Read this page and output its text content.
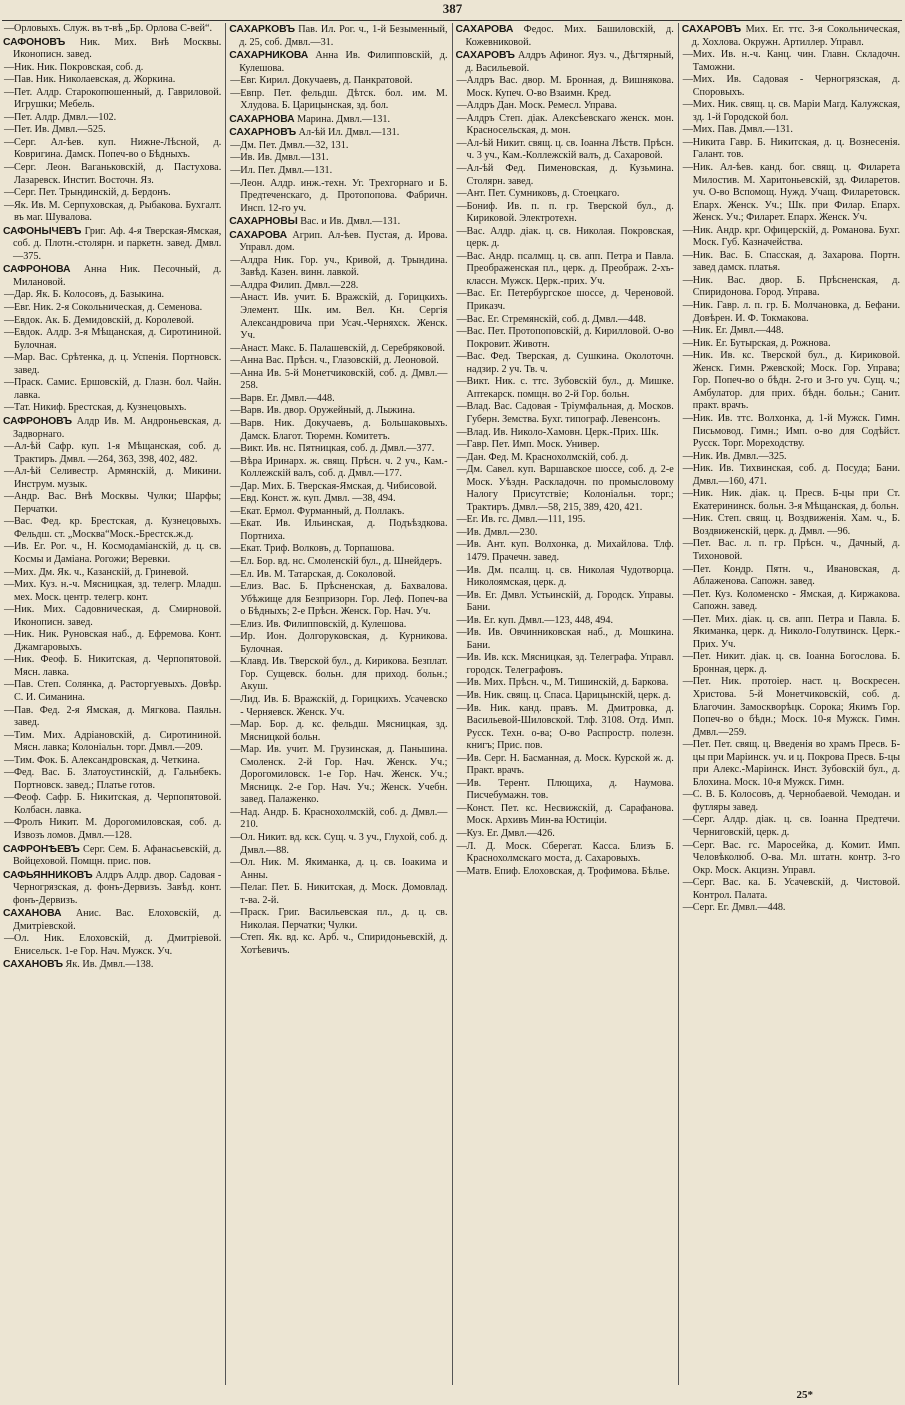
387

—Орловыхъ. Служ. въ т-вѣ „Бр. Орлова С-вей“.

САФОНОВЪ Ник. Мих. Внѣ Москвы. Иконописн. завед.

—Ник. Ник. Покровская, соб. д.

—Пав. Ник. Николаевская, д. Жоркина.

—Пет. Алдр. Старокопюшенный, д. Гавриловой. Игрушки; Мебель.

—Пет. Алдр. Дмвл.—102.

—Пет. Ив. Дмвл.—525.

—Серг. Ал-ѣев. куп. Нижне-Лѣсной, д. Ковригина. Дамск. Попеч-во о Бѣдныхъ.

—Серг. Леон. Ваганьковскій, д. Пастухова. Лазаревск. Инстит. Восточн. Яз.

—Серг. Пет. Трындинскій, д. Бердонъ.

—Як. Ив. М. Серпуховская, д. Рыбакова. Бухгалт. въ маг. Шувалова.

САФОНЫЧЕВЪ Григ. Аф. 4-я Тверская-Ямская, соб. д. Плотн.-столярн. и паркетн. завед. Дмвл.—375.

САФРОНОВА Анна Ник. Песочный, д. Милановой.

—Дар. Як. Б. Колосовъ, д. Базыкина.

—Евг. Ник. 2-я Сокольническая, д. Семенова.

—Евдок. Ак. Б. Демидовскій, д. Королевой.

—Евдок. Алдр. 3-я Мѣщанская, д. Сиротининой. Булочная.

—Мар. Вас. Срѣтенка, д. ц. Успенія. Портновск. завед.

—Праск. Самис. Ершовскій, д. Глазн. бол. Чайн. лавка.

—Тат. Никиф. Брестская, д. Кузнецовыхъ.

САФРОНОВЪ Алдр Ив. М. Андроньевская, д. Задворнаго.

—Ал-ѣй Сафр. куп. 1-я Мѣщанская, соб. д. Трактиръ. Дмвл. —264, 363, 398, 402, 482.

—Ал-ѣй Селивестр. Армянскій, д. Микини. Инструм. музык.

—Андр. Вас. Внѣ Москвы. Чулки; Шарфы; Перчатки.

—Вас. Фед. кр. Брестская, д. Кузнецовыхъ. Фельдш. ст. „Москва“Моск.-Брестск.ж.д.

—Ив. Ег. Рог. ч., Н. Космодаміанскій, д. ц. св. Космы и Даміана. Рогожи; Веревки.

—Мих. Дм. Як. ч., Казанскій, д. Гриневой.

—Мих. Куз. н.-ч. Мясницкая, зд. телегр. Младш. мех. Моск. центр. телегр. конт.

—Ник. Мих. Садовническая, д. Смирновой. Иконописн. завед.

—Ник. Ник. Руновская наб., д. Ефремова. Конт. Джамгаровыхъ.

—Ник. Феоф. Б. Никитская, д. Черпопятовой. Мясн. лавка.

—Пав. Степ. Солянка, д. Расторгуевыхъ. Довѣр. С. И. Симанина.

—Пав. Фед. 2-я Ямская, д. Мягкова. Паяльн. завед.

—Тим. Мих. Адріановскій, д. Сиротининой. Мясн. лавка; Колоніальн. торг. Дмвл.—209.

—Тим. Фок. Б. Александровская, д. Четкина.

—Фед. Вас. Б. Златоустинскій, д. Гальнбекъ. Портновск. завед.; Платье готов.

—Феоф. Сафр. Б. Никитская, д. Черпопятовой. Колбасн. лавка.

—Фролъ Никит. М. Дорогомиловская, соб. д. Извозъ ломов. Дмвл.—128.

САФРОНѢЕВЪ Серг. Сем. Б. Афанасьевскій, д. Войцеховой. Помщн. прис. пов.

САФЬЯННИКОВЪ Алдръ Алдр. двор. Садовая - Черногрязская, д. фонъ-Дервизъ. Завѣд. конт. фонъ-Дервизъ.

САХАНОВА Анис. Вас. Елоховскій, д. Дмитріевской.

—Ол. Ник. Елоховскій, д. Дмитріевой. Енисельск. 1-е Гор. Нач. Мужск. Уч.

САХАНОВЪ Як. Ив. Дмвл.—138.

САХАРКОВЪ Пав. Ил. Рог. ч., 1-й Безыменный, д. 25, соб. Дмвл.—31.

САХАРНИКОВА Анна Ив. Филипповскій, д. Кулешова.

—Евг. Кирил. Докучаевъ, д. Панкратовой.

—Евпр. Пет. фельдш. Дѣтск. бол. им. М. Хлудова. Б. Царицынская, зд. бол.

САХАРНОВА Марина. Дмвл.—131.

САХАРНОВЪ Ал-ѣй Ил. Дмвл.—131.

—Дм. Пет. Дмвл.—32, 131.

—Ив. Ив. Дмвл.—131.

—Ил. Пет. Дмвл.—131.

—Леон. Алдр. инж.-техн. Уг. Трехгорнаго и Б. Предтеченскаго, д. Протопопова. Фабричн. Инсп. 12-го уч.

САХАРНОВЫ Вас. и Ив. Дмвл.—131.

САХАРОВА Агрип. Ал-ѣев. Пустая, д. Ирова. Управл. дом.

—Алдра Ник. Гор. уч., Кривой, д. Трындина. Завѣд. Казен. винн. лавкой.

—Алдра Филип. Дмвл.—228.

—Анаст. Ив. учит. Б. Вражскій, д. Горицкихъ. Элемент. Шк. им. Вел. Кн. Сергія Александровича при Усач.-Черняхск. Женск. Уч.

—Анаст. Макс. Б. Палашевскій, д. Серебряковой.

—Анна Вас. Прѣсн. ч., Глазовскій, д. Леоновой.

—Анна Ив. 5-й Монетчиковскій, соб. д. Дмвл.—258.

—Варв. Ег. Дмвл.—448.

—Варв. Ив. двор. Оружейный, д. Лыжина.

—Варв. Ник. Докучаевъ, д. Большаковыхъ. Дамск. Благот. Тюремн. Комитетъ.

—Викт. Ив. нс. Пятницкая, соб. д. Дмвл.—377.

—Вѣра Иринарх. ж. свящ. Прѣсн. ч. 2 уч., Кам.-Коллежскій валъ, соб. д. Дмвл.—177.

—Дар. Мих. Б. Тверская-Ямская, д. Чибисовой.

—Евд. Конст. ж. куп. Дмвл. —38, 494.

—Екат. Ермол. Фурманный, д. Поллакъ.

—Екат. Ив. Ильинская, д. Подъѣздкова. Портниха.

—Екат. Триф. Волковъ, д. Торпашова.

—Ел. Бор. вд. нс. Смоленскій бул., д. Шнейдеръ.

—Ел. Ив. М. Татарская, д. Соколовой.

—Елиз. Вас. Б. Прѣсненская, д. Бахвалова. Убѣжище для Безпризорн. Гор. Леф. Попеч-ва о Бѣдныхъ; 2-е Прѣсн. Женск. Гор. Нач. Уч.

—Елиз. Ив. Филипповскій, д. Кулешова.

—Ир. Ион. Долгоруковская, д. Курникова. Булочная.

—Клавд. Ив. Тверской бул., д. Кирикова. Безплат. Гор. Сущевск. больн. для приход. больн.; Акуш.

—Лид. Ив. Б. Вражскій, д. Горицкихъ. Усачевско - Черняевск. Женск. Уч.

—Мар. Бор. д. кс. фельдш. Мясницкая, зд. Мясницкой больн.

—Мар. Ив. учит. М. Грузинская, д. Паньшина. Смоленск. 2-й Гор. Нач. Женск. Уч.; Дорогомиловск. 1-е Гор. Нач. Женск. Уч.; Мясницк. 2-е Гор. Нач. Уч.; Женск. Учебн. завед. Палаженко.

—Над. Андр. Б. Краснохолмскій, соб. д. Дмвл.—210.

—Ол. Никит. вд. кск. Сущ. ч. 3 уч., Глухой, соб. д. Дмвл.—88.

—Ол. Ник. М. Якиманка, д. ц. св. Іоакима и Анны.

—Пелаг. Пет. Б. Никитская, д. Моск. Домовлад. т-ва. 2-й.

—Праск. Григ. Васильевская пл., д. ц. св. Николая. Перчатки; Чулки.

—Степ. Як. вд. кс. Арб. ч., Спиридоньевскій, д. Хотѣевичъ.

САХАРОВА Федос. Мих. Башиловскій, д. Кожевниковой.

САХАРОВЪ Алдръ Афиног. Яуз. ч., Дѣгтярный, д. Васильевой.

—Алдръ Вас. двор. М. Бронная, д. Вишнякова. Моск. Купеч. О-во Взаимн. Кред.

—Алдръ Дан. Моск. Ремесл. Управа.

—Алдръ Степ. діак. Алексѣевскаго женск. мон. Красносельская, д. мон.

—Ал-ѣй Никит. свящ. ц. св. Іоанна Лѣств. Прѣсн. ч. 3 уч., Кам.-Коллежскій валъ, д. Сахаровой.

—Ал-ѣй Фед. Пименовская, д. Кузьмина. Столярн. завед.

—Ант. Пет. Сумниковъ, д. Стоецкаго.

—Бониф. Ив. п. п. гр. Тверской бул., д. Кириковой. Электротехн.

—Вас. Алдр. діак. ц. св. Николая. Покровская, церк. д.

—Вас. Андр. псалмщ. ц. св. апп. Петра и Павла. Преображенская пл., церк. д. Преображ. 2-хъ-классн. Мужск. Церк.-прих. Уч.

—Вас. Ег. Петербургское шоссе, д. Череновой. Приказч.

—Вас. Ег. Стремянскій, соб. д. Дмвл.—448.

—Вас. Пет. Протопоповскій, д. Кирилловой. О-во Покровит. Животн.

—Вас. Фед. Тверская, д. Сушкина. Околоточн. надзир. 2 уч. Тв. ч.

—Викт. Ник. с. ттс. Зубовскій бул., д. Мишке. Аптекарск. помщн. во 2-й Гор. больн.

—Влад. Вас. Садовая - Тріумфальная, д. Москов. Губерн. Земства. Бухг. типограф. Левенсонъ.

—Влад. Ив. Николо-Хамовн. Церк.-Прих. Шк.

—Гавр. Пет. Имп. Моск. Универ.

—Дан. Фед. М. Краснохолмскій, соб. д.

—Дм. Савел. куп. Варшавское шоссе, соб. д. 2-е Моск. Уѣздн. Раскладочн. по промысловому Налогу Присутствіе; Колоніальн. торг.; Трактиръ. Дмвл.—58, 215, 389, 420, 421.

—Ег. Ив. гс. Дмвл.—111, 195.

—Ив. Дмвл.—230.

—Ив. Ант. куп. Волхонка, д. Михайлова. Тлф. 1479. Прачечн. завед.

—Ив. Дм. псалщ. ц. св. Николая Чудотворца. Николоямская, церк. д.

—Ив. Ег. Дмвл. Устьинскій, д. Городск. Управы. Бани.

—Ив. Ег. куп. Дмвл.—123, 448, 494.

—Ив. Ив. Овчинниковская наб., д. Мошкина. Бани.

—Ив. Ив. кск. Мясницкая, зд. Телеграфа. Управл. городск. Телеграфовъ.

—Ив. Мих. Прѣсн. ч., М. Тишинскій, д. Баркова.

—Ив. Ник. свящ. ц. Спаса. Царицынскій, церк. д.

—Ив. Ник. канд. правъ. М. Дмитровка, д. Васильевой-Шиловской. Тлф. 3108. Отд. Имп. Русск. Техн. о-ва; О-во Распростр. полезн. книгъ; Прис. пов.

—Ив. Серг. Н. Басманная, д. Моск. Курской ж. д. Практ. врачъ.

—Ив. Терент. Плющиха, д. Наумова. Писчебумажн. тов.

—Конст. Пет. кс. Несвижскій, д. Сарафанова. Моск. Архивъ Мин-ва Юстиціи.

—Куз. Ег. Дмвл.—426.

—Л. Д. Моск. Сберегат. Касса. Близъ Б. Краснохолмскаго моста, д. Сахаровыхъ.

—Матв. Епиф. Елоховская, д. Трофимова. Бѣлье.

САХАРОВЪ Мих. Ег. ттс. 3-я Сокольническая, д. Хохлова. Окружн. Артиллер. Управл.

—Мих. Ив. н.-ч. Канц. чин. Главн. Складочн. Таможни.

—Мих. Ив. Садовая - Черногрязская, д. Споровыхъ.

—Мих. Ник. свящ. ц. св. Маріи Магд. Калужская, зд. 1-й Городской бол.

—Мих. Пав. Дмвл.—131.

—Никита Гавр. Б. Никитская, д. ц. Вознесенія. Галант. тов.

—Ник. Ал-ѣев. канд. бог. свящ. ц. Филарета Милостив. М. Харитоньевскій, зд. Филаретов. уч. О-во Вспомощ. Нужд. Учащ. Филаретовск. Епарх. Женск. Уч.; Шк. при Филар. Епарх. Женск. Уч.; Филарет. Епарх. Женск. Уч.

—Ник. Андр. крг. Офицерскій, д. Романова. Бухг. Моск. Губ. Казначейства.

—Ник. Вас. Б. Спасская, д. Захарова. Портн. завед дамск. платья.

—Ник. Вас. двор. Б. Прѣсненская, д. Спиридонова. Город. Управа.

—Ник. Гавр. л. п. гр. Б. Молчановка, д. Бефани. Довѣрен. И. Ф. Токмакова.

—Ник. Ег. Дмвл.—448.

—Ник. Ег. Бутырская, д. Рожнова.

—Ник. Ив. кс. Тверской бул., д. Кириковой. Женск. Гимн. Ржевской; Моск. Гор. Управа; Гор. Попеч-во о бѣдн. 2-го и 3-го уч. Сущ. ч.; Амбулатор. для прих. бѣдн. больн.; Санит. практ. врачъ.

—Ник. Ив. ттс. Волхонка, д. 1-й Мужск. Гимн. Письмовод. Гимн.; Имп. о-во для Содѣйст. Русск. Торг. Мореходству.

—Ник. Ив. Дмвл.—325.

—Ник. Ив. Тихвинская, соб. д. Посуда; Бани. Дмвл.—160, 471.

—Ник. Ник. діак. ц. Пресв. Б-цы при Ст. Екатерининск. больн. 3-я Мѣщанская, д. больн.

—Ник. Степ. свящ. ц. Воздвиженія. Хам. ч., Б. Воздвиженскій, церк. д. Дмвл. —96.

—Пет. Вас. л. п. гр. Прѣсн. ч., Дачный, д. Тихоновой.

—Пет. Кондр. Пятн. ч., Ивановская, д. Аблаженова. Сапожн. завед.

—Пет. Куз. Коломенско - Ямская, д. Киржакова. Сапожн. завед.

—Пет. Мих. діак. ц. св. апп. Петра и Павла. Б. Якиманка, церк. д. Николо-Голутвинск. Церк.-Прих. Уч.

—Пет. Никит. діак. ц. св. Іоанна Богослова. Б. Бронная, церк. д.

—Пет. Ник. протоіер. наст. ц. Воскресен. Христова. 5-й Монетчиковскій, соб. д. Благочин. Замоскворѣцк. Сорока; Якимъ Гор. Попеч-во о бѣдн.; Моск. 10-я Мужск. Гимн. Дмвл.—259.

—Пет. Пет. свящ. ц. Введенія во храмъ Пресв. Б-цы при Маріинск. уч. и ц. Покрова Пресв. Б-цы при Алекс.-Маріинск. Инст. Зубовскій бул., д. Блохина. Моск. 10-я Мужск. Гимн.

—С. В. Б. Колосовъ, д. Чернобаевой. Чемодан. и футляры завед.

—Серг. Алдр. діак. ц. св. Іоанна Предтечи. Черниговскій, церк. д.

—Серг. Вас. гс. Маросейка, д. Комит. Имп. Человѣколюб. О-ва. Мл. штатн. контр. 3-го Окр. Моск. Акцизн. Управл.

—Серг. Вас. ка. Б. Усачевскій, д. Чистовой. Контрол. Палата.

—Серг. Ег. Дмвл.—448.

25*
